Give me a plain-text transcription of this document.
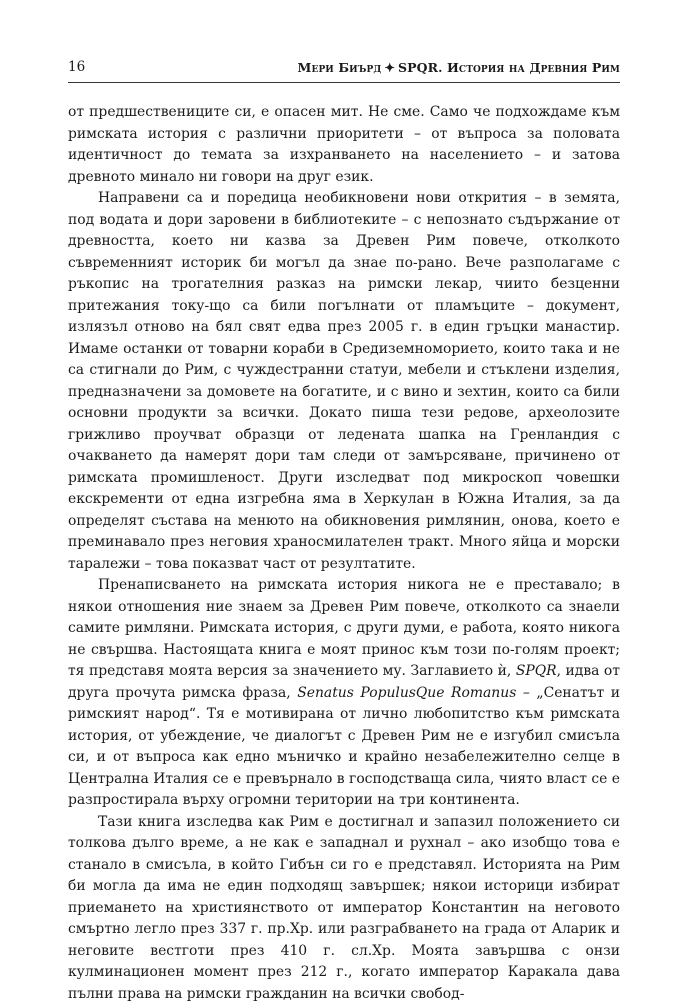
16	Мери Биърд ✦ SPQR. История на Древния Рим

от предшествениците си, е опасен мит. Не сме. Само че подхождаме към римската история с различни приоритети – от въпроса за половата идентичност до темата за изхранването на населението – и затова древното минало ни говори на друг език.

Направени са и поредица необикновени нови открития – в земята, под водата и дори заровени в библиотеките – с непознато съдържание от древността, което ни казва за Древен Рим повече, отколкото съвременният историк би могъл да знае по-рано. Вече разполагаме с ръкопис на трогателния разказ на римски лекар, чиито безценни притежания току-що са били погълнати от пламъците – документ, излязъл отново на бял свят едва през 2005 г. в един гръцки манастир. Имаме останки от товарни кораби в Средиземноморието, които така и не са стигнали до Рим, с чуждестранни статуи, мебели и стъклени изделия, предназначени за домовете на богатите, и с вино и зехтин, които са били основни продукти за всички. Докато пиша тези редове, археолозите грижливо проучват образци от ледената шапка на Гренландия с очакването да намерят дори там следи от замърсяване, причинено от римската промишленост. Други изследват под микроскоп човешки екскременти от една изгребна яма в Херкулан в Южна Италия, за да определят състава на менюто на обикновения римлянин, онова, което е преминавало през неговия храносмилателен тракт. Много яйца и морски таралежи – това показват част от резултатите.

Пренаписването на римската история никога не е преставало; в някои отношения ние знаем за Древен Рим повече, отколкото са знаели самите римляни. Римската история, с други думи, е работа, която никога не свършва. Настоящата книга е моят принос към този по-голям проект; тя представя моята версия за значението му. Заглавието ѝ, SPQR, идва от друга прочута римска фраза, Senatus PopulusQue Romanus – „Сенатът и римският народ“. Тя е мотивирана от лично любопитство към римската история, от убеждение, че диалогът с Древен Рим не е изгубил смисъла си, и от въпроса как едно мъничко и крайно незабележително селце в Централна Италия се е превърнало в господстваща сила, чиято власт се е разпростирала върху огромни територии на три континента.

Тази книга изследва как Рим е достигнал и запазил положението си толкова дълго време, а не как е западнал и рухнал – ако изобщо това е станало в смисъла, в който Гибън си го е представял. Историята на Рим би могла да има не един подходящ завършек; някои историци избират приемането на християнството от император Константин на неговото смъртно легло през 337 г. пр.Хр. или разграбването на града от Аларик и неговите вестготи през 410 г. сл.Хр. Моята завършва с онзи кулминационен момент през 212 г., когато император Каракала дава пълни права на римски гражданин на всички свобод-
